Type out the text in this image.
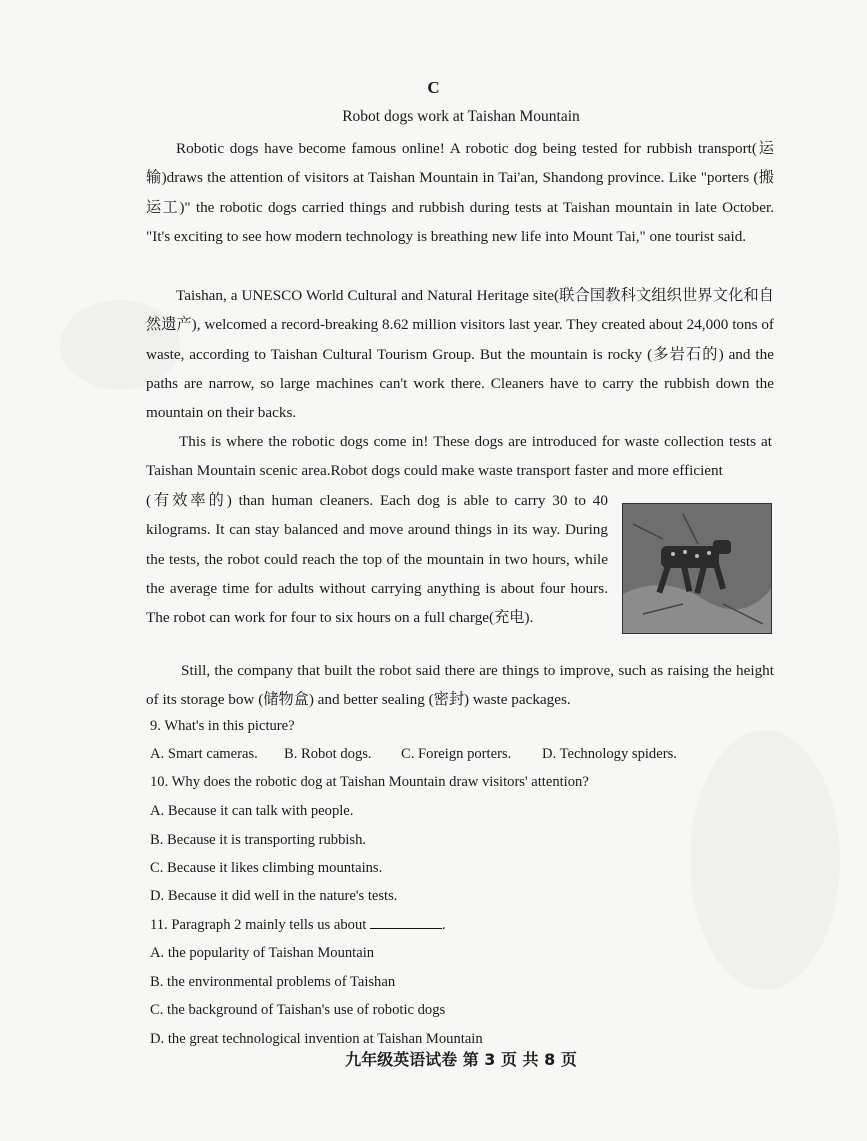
C
Robot dogs work at Taishan Mountain

Robotic dogs have become famous online! A robotic dog being tested for rubbish transport(运输)draws the attention of visitors at Taishan Mountain in Tai'an, Shandong province. Like "porters (搬运工)" the robotic dogs carried things and rubbish during tests at Taishan mountain in late October. "It's exciting to see how modern technology is breathing new life into Mount Tai," one tourist said.

Taishan, a UNESCO World Cultural and Natural Heritage site(联合国教科文组织世界文化和自然遗产), welcomed a record-breaking 8.62 million visitors last year. They created about 24,000 tons of waste, according to Taishan Cultural Tourism Group. But the mountain is rocky (多岩石的) and the paths are narrow, so large machines can't work there. Cleaners have to carry the rubbish down the mountain on their backs.

This is where the robotic dogs come in! These dogs are introduced for waste collection tests at Taishan Mountain scenic area.Robot dogs could make waste transport faster and more efficient

(有效率的) than human cleaners. Each dog is able to carry 30 to 40 kilograms. It can stay balanced and move around things in its way. During the tests, the robot could reach the top of the mountain in two hours, while the average time for adults without carrying anything is about four hours. The robot can work for four to six hours on a full charge(充电).

Still, the company that built the robot said there are things to improve, such as raising the height of its storage bow (储物盒) and better sealing (密封) waste packages.

9. What's in this picture?
A. Smart cameras. B. Robot dogs. C. Foreign porters. D. Technology spiders.
10. Why does the robotic dog at Taishan Mountain draw visitors' attention?
A. Because it can talk with people.
B. Because it is transporting rubbish.
C. Because it likes climbing mountains.
D. Because it did well in the nature's tests.
11. Paragraph 2 mainly tells us about	.
A. the popularity of Taishan Mountain
B. the environmental problems of Taishan
C. the background of Taishan's use of robotic dogs
D. the great technological invention at Taishan Mountain
九年级英语试卷 第 3 页 共 8 页
